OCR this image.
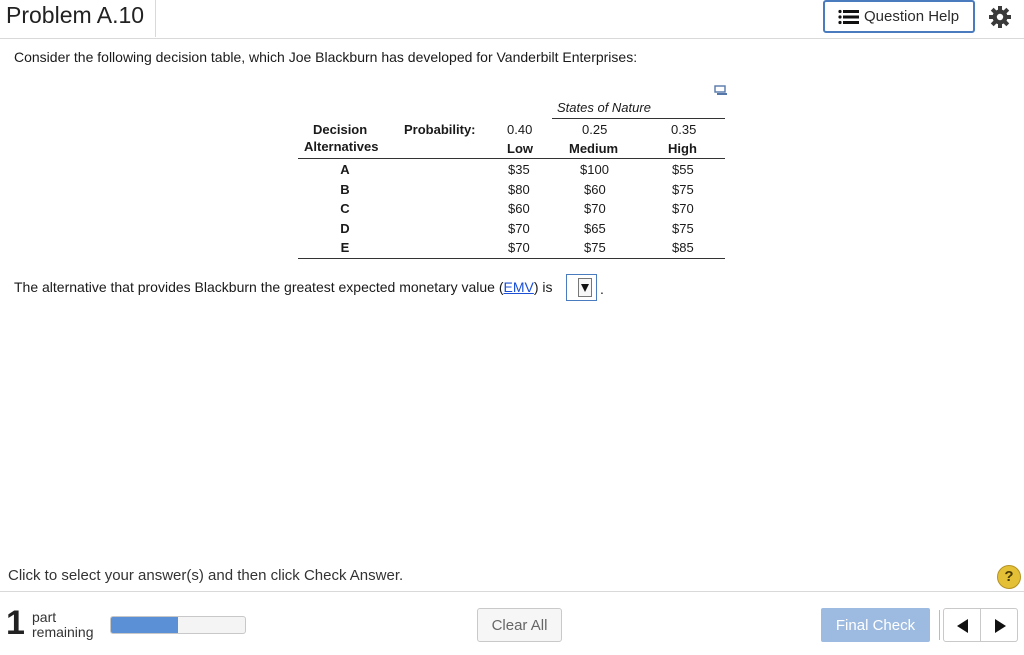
Problem A.10	Question Help
Consider the following decision table, which Joe Blackburn has developed for Vanderbilt Enterprises:
States of Nature
Decision
Alternatives
Probability: 0.40	0.25	0.35
Low	Medium	High
A	$35	$100	$55
B	$80	$60	$75
C	$60	$70	$70
D	$70	$65	$75
E	$70	$75	$85
The alternative that provides Blackburn the greatest expected monetary value (EMV) is	.
Click to select your answer(s) and then click Check Answer.	?
1 part
remaining	Clear All	Final Check
